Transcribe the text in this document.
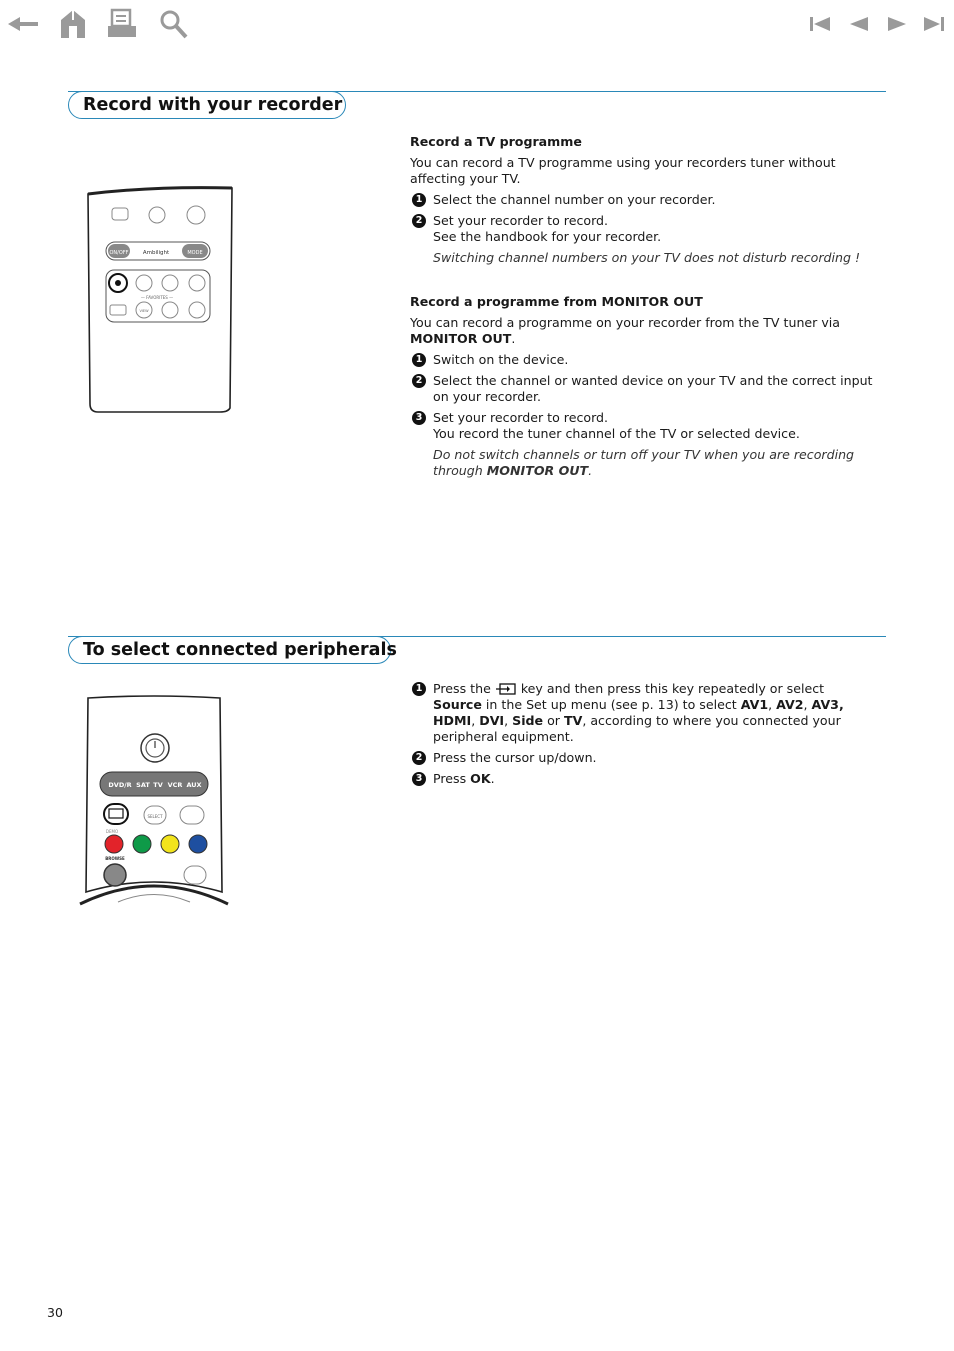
Record with your recorder
ON/OFF	Ambilight	MODE
— FAVORITES —
VIEW
Record a TV programme

You can record a TV programme using your recorders tuner without affecting your TV.

1 Select the channel number on your recorder.
2 Set your recorder to record.
See the handbook for your recorder.

Switching channel numbers on your TV does not disturb recording !

Record a programme from MONITOR OUT

You can record a programme on your recorder from the TV tuner via MONITOR OUT.

1 Switch on the device.
2 Select the channel or wanted device on your TV and the correct input on your recorder.
3 Set your recorder to record.
You record the tuner channel of the TV or selected device.

Do not switch channels or turn off your TV when you are recording through MONITOR OUT.

To select connected peripherals
DVD/R SAT TV VCR AUX
SELECT
DEMO
BROWSE
1 Press the  key and then press this key repeatedly or select Source in the Set up menu (see p. 13) to select AV1, AV2, AV3, HDMI, DVI, Side or TV, according to where you connected your peripheral equipment.
2 Press the cursor up/down.
3 Press OK.
30
